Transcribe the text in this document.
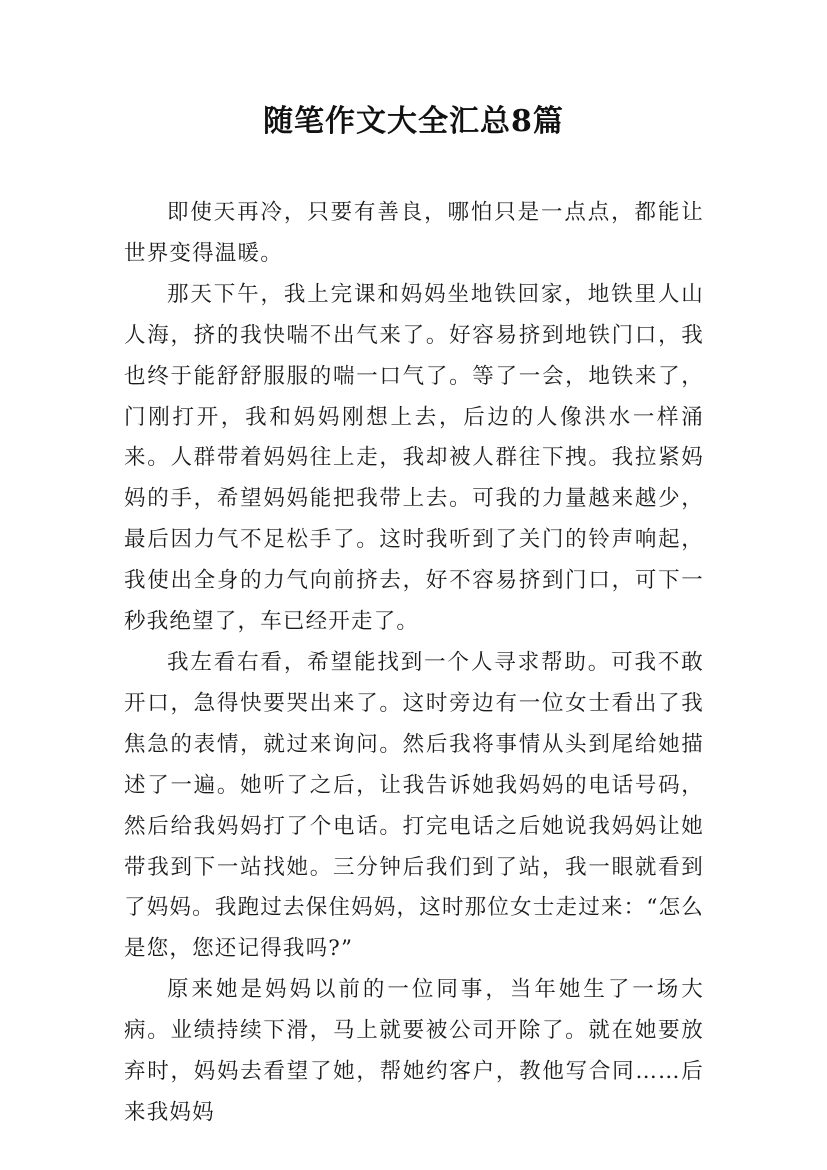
随笔作文大全汇总8篇

即使天再冷，只要有善良，哪怕只是一点点，都能让世界变得温暖。

那天下午，我上完课和妈妈坐地铁回家，地铁里人山人海，挤的我快喘不出气来了。好容易挤到地铁门口，我也终于能舒舒服服的喘一口气了。等了一会，地铁来了，门刚打开，我和妈妈刚想上去，后边的人像洪水一样涌来。人群带着妈妈往上走，我却被人群往下拽。我拉紧妈妈的手，希望妈妈能把我带上去。可我的力量越来越少，最后因力气不足松手了。这时我听到了关门的铃声响起，我使出全身的力气向前挤去，好不容易挤到门口，可下一秒我绝望了，车已经开走了。

我左看右看，希望能找到一个人寻求帮助。可我不敢开口，急得快要哭出来了。这时旁边有一位女士看出了我焦急的表情，就过来询问。然后我将事情从头到尾给她描述了一遍。她听了之后，让我告诉她我妈妈的电话号码，然后给我妈妈打了个电话。打完电话之后她说我妈妈让她带我到下一站找她。三分钟后我们到了站，我一眼就看到了妈妈。我跑过去保住妈妈，这时那位女士走过来：“怎么是您，您还记得我吗?”

原来她是妈妈以前的一位同事，当年她生了一场大病。业绩持续下滑，马上就要被公司开除了。就在她要放弃时，妈妈去看望了她，帮她约客户，教他写合同……后来我妈妈
